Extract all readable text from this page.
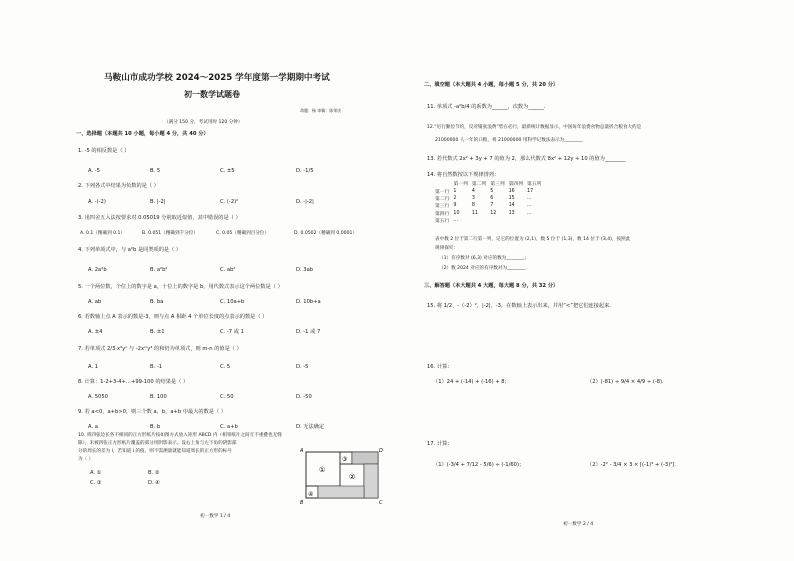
马鞍山市成功学校 2024～2025 学年度第一学期期中考试
初一数学试题卷
命题：杨 审稿：陈荣庆
（满分 150 分，考试用时 120 分钟）
一、选择题（本题共 10 小题，每小题 4 分，共 40 分）
1. -5 的相反数是（ ）
A. -5	B. 5	C. ±5	D. -1/5
2. 下列各式中结果为负数的是（ ）
A. -(-2)	B. |-2|	C. (-2)²	D. -|-2|
3. 用四舍五入法按要求对 0.05019 分别取近似值，其中错误的是（ ）
A. 0.1（精确到 0.1）	B. 0.051（精确到千分位）	C. 0.05（精确到百分位）	D. 0.0502（精确到 0.0001）
4. 下列单项式中，与 a²b 是同类项的是（ ）
A. 2a²b	B. a²b²	C. ab²	D. 3ab
5. 一个两位数，个位上的数字是 a，十位上的数字是 b，用代数式表示这个两位数是（ ）
A. ab	B. ba	C. 10a+b	D. 10b+a
6. 若数轴上点 A 表示的数是-3，则与点 A 相距 4 个单位长度的点表示的数是（ ）
A. ±4	B. ±1	C. -7 或 1	D. -1 或 7
7. 若单项式 2/3·x²yⁿ 与 -2xᵐy³ 的和仍为单项式，则 m-n 的值是（ ）
A. 1	B. -1	C. 5	D. -5
8. 计算：1-2+3-4+…+99-100 的结果是（ ）
A. 5050	B. 100	C. 50	D. -50
9. 若 a<0，a+b>0，则三个数 a，b，a+b 中最大的数是（ ）
A. a	B. b	C. a+b	D. 无法确定
10. 将四张边长各不相同的正方形纸片按如图方式放入矩形 ABCD 内（相邻纸片之间互不重叠也无缝
隙），未被四张正方形纸片覆盖的部分用阴影表示。设右上角与左下角的阴影部
分的周长的差为 l，若知道 l 的值，则不需测量就能知道周长的正方形的标号
为（ ）
A. ①	B. ②
C. ③	D. ④
①
②
③
④
A	D
B	C
初一数学 1 / 4
二、填空题（本大题共 4 小题，每小题 5 分，共 20 分）
11. 单项式 -a²b/4 的系数为______，次数为______.
12.“厉行勤俭节约，反对铺张浪费”势在必行，最新统计数据显示，中国每年浪费食物总量折合粮食大约是
21000000 人一年的口粮，将 21000000 用科学记数法表示为________
13. 若代数式 2x² + 3y + 7 的值为 2，那么代数式 8x² + 12y + 10 的值为________
14. 将自然数按以下规律排列：
	第一列	第二列	第三列	第四列	第五列
第一行	1	4	5	16	17
第二行	2	3	6	15	…
第三行	9	8	7	14	…
第四行	10	11	12	13	…
第五行	…				
表中数 2 位于第二行第一列，记它的位置为 (2,1)，数 5 位于 (1,3)，数 14 位于 (3,4)，按照此
规律探究：
（1）有序数对 (6,3) 对应的数为________；
（2）数 2024 对应的有序数对为________.
三、解答题（本大题共 4 大题，每大题 8 分，共 32 分）
15. 将 1/2，-（-2）²，|-2|，-3，在数轴上表示出来，并用“<”把它们连接起来.
16. 计算：
（1）24 + (-14) + (-16) + 8；	（2）(-81) ÷ 9/4 × 4/9 ÷ (-8).
17. 计算：
（1）(-3/4 + 7/12 - 5/6) ÷ (-1/60)；	（2）-2² - 3/4 × 3 × [(-1)³ + (-3)²].
初一数学 2 / 4
